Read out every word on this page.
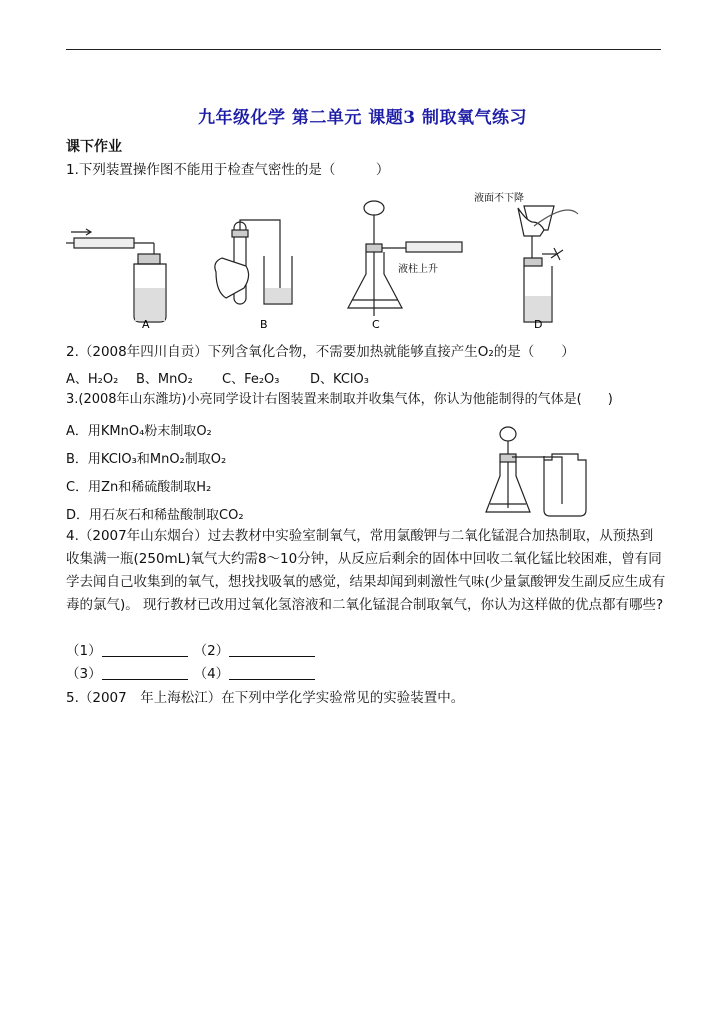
九年级化学 第二单元 课题3 制取氧气练习
课下作业
1.下列装置操作图不能用于检查气密性的是（　　　）
A	B	C	D
液柱上升
液面不下降
2.（2008年四川自贡）下列含氧化合物，不需要加热就能够直接产生O₂的是（　　）
A、H₂O₂ B、MnO₂ C、Fe₂O₃ D、KClO₃
3.(2008年山东潍坊)小亮同学设计右图装置来制取并收集气体，你认为他能制得的气体是(　　)
A．用KMnO₄粉末制取O₂
B．用KClO₃和MnO₂制取O₂
C．用Zn和稀硫酸制取H₂
D．用石灰石和稀盐酸制取CO₂
4.（2007年山东烟台）过去教材中实验室制氧气，常用氯酸钾与二氧化锰混合加热制取，从预热到收集满一瓶(250mL)氧气大约需8～10分钟，从反应后剩余的固体中回收二氧化锰比较困难，曾有同学去闻自己收集到的氧气，想找找吸氧的感觉，结果却闻到刺激性气味(少量氯酸钾发生副反应生成有毒的氯气)。 现行教材已改用过氧化氢溶液和二氧化锰混合制取氧气，你认为这样做的优点都有哪些?
（1）	（2）
（3）	（4）
5.（2007　年上海松江）在下列中学化学实验常见的实验装置中。
